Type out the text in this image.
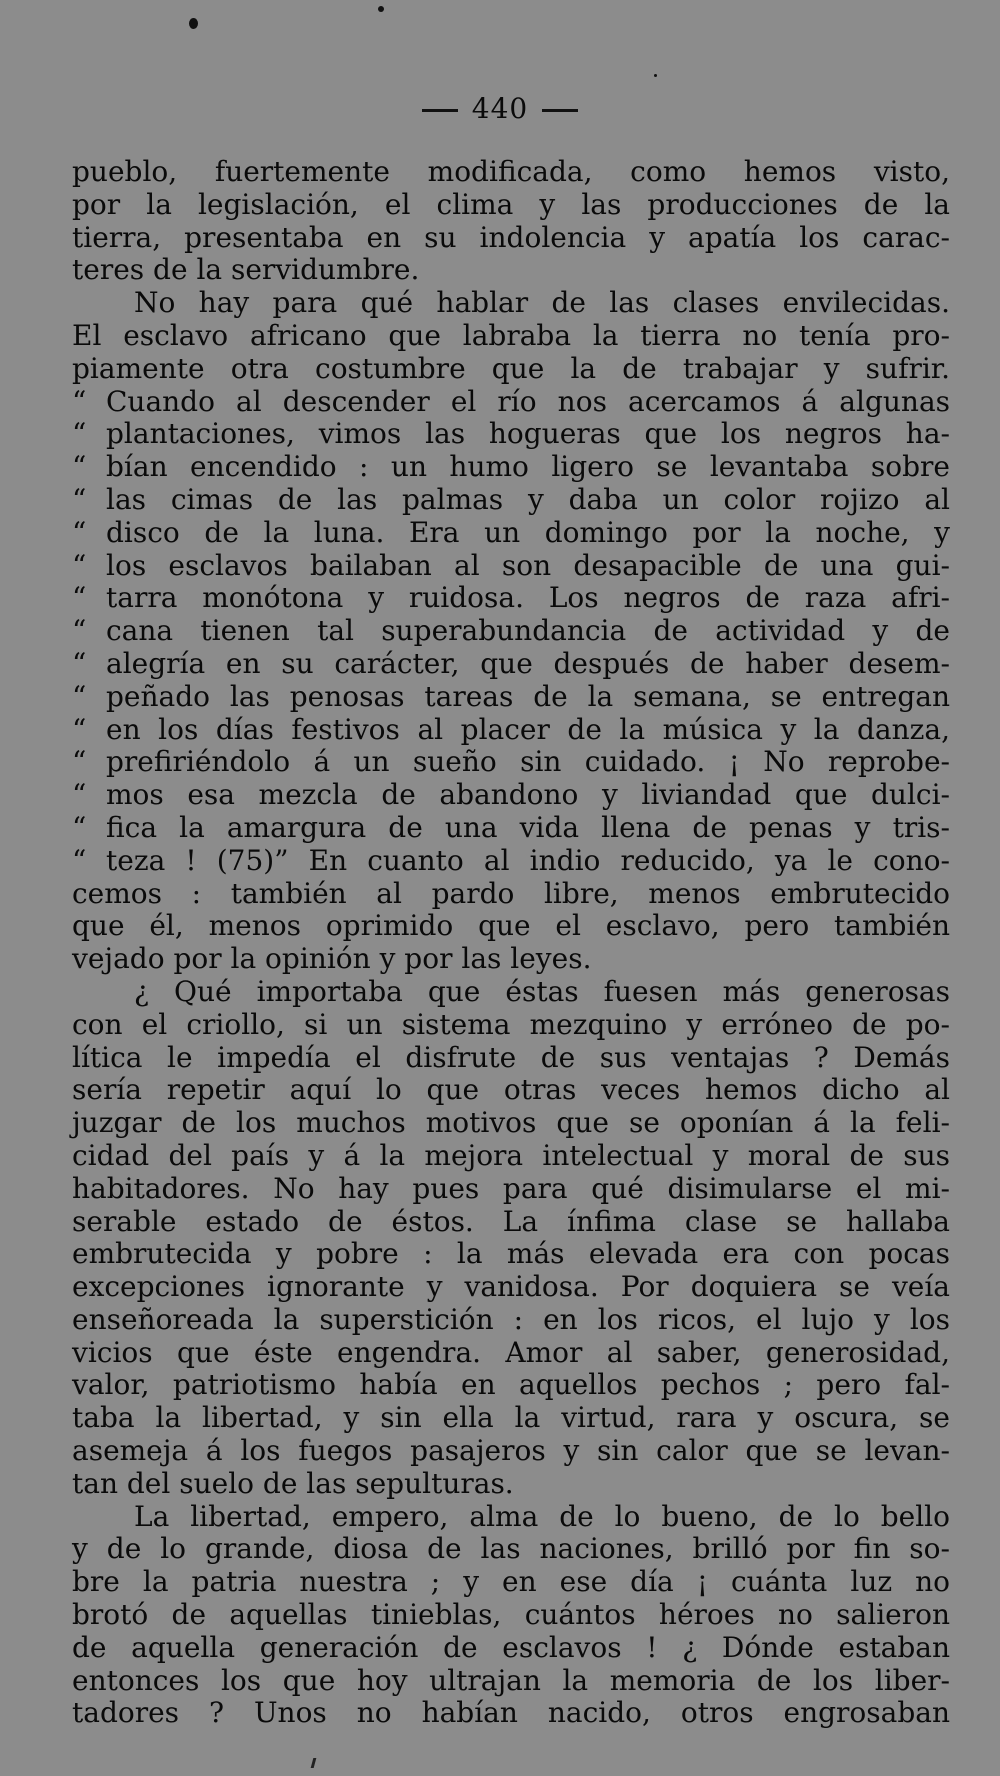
440
pueblo, fuertemente modificada, como hemos visto,
por la legislación, el clima y las producciones de la
tierra, presentaba en su indolencia y apatía los carac-
teres de la servidumbre.
No hay para qué hablar de las clases envilecidas.
El esclavo africano que labraba la tierra no tenía pro-
piamente otra costumbre que la de trabajar y sufrir.
“ Cuando al descender el río nos acercamos á algunas
“ plantaciones, vimos las hogueras que los negros ha-
“ bían encendido : un humo ligero se levantaba sobre
“ las cimas de las palmas y daba un color rojizo al
“ disco de la luna. Era un domingo por la noche, y
“ los esclavos bailaban al son desapacible de una gui-
“ tarra monótona y ruidosa. Los negros de raza afri-
“ cana tienen tal superabundancia de actividad y de
“ alegría en su carácter, que después de haber desem-
“ peñado las penosas tareas de la semana, se entregan
“ en los días festivos al placer de la música y la danza,
“ prefiriéndolo á un sueño sin cuidado. ¡ No reprobe-
“ mos esa mezcla de abandono y liviandad que dulci-
“ fica la amargura de una vida llena de penas y tris-
“ teza ! (75)” En cuanto al indio reducido, ya le cono-
cemos : también al pardo libre, menos embrutecido
que él, menos oprimido que el esclavo, pero también
vejado por la opinión y por las leyes.
¿ Qué importaba que éstas fuesen más generosas
con el criollo, si un sistema mezquino y erróneo de po-
lítica le impedía el disfrute de sus ventajas ? Demás
sería repetir aquí lo que otras veces hemos dicho al
juzgar de los muchos motivos que se oponían á la feli-
cidad del país y á la mejora intelectual y moral de sus
habitadores. No hay pues para qué disimularse el mi-
serable estado de éstos. La ínfima clase se hallaba
embrutecida y pobre : la más elevada era con pocas
excepciones ignorante y vanidosa. Por doquiera se veía
enseñoreada la superstición : en los ricos, el lujo y los
vicios que éste engendra. Amor al saber, generosidad,
valor, patriotismo había en aquellos pechos ; pero fal-
taba la libertad, y sin ella la virtud, rara y oscura, se
asemeja á los fuegos pasajeros y sin calor que se levan-
tan del suelo de las sepulturas.
La libertad, empero, alma de lo bueno, de lo bello
y de lo grande, diosa de las naciones, brilló por fin so-
bre la patria nuestra ; y en ese día ¡ cuánta luz no
brotó de aquellas tinieblas, cuántos héroes no salieron
de aquella generación de esclavos ! ¿ Dónde estaban
entonces los que hoy ultrajan la memoria de los liber-
tadores ? Unos no habían nacido, otros engrosaban
